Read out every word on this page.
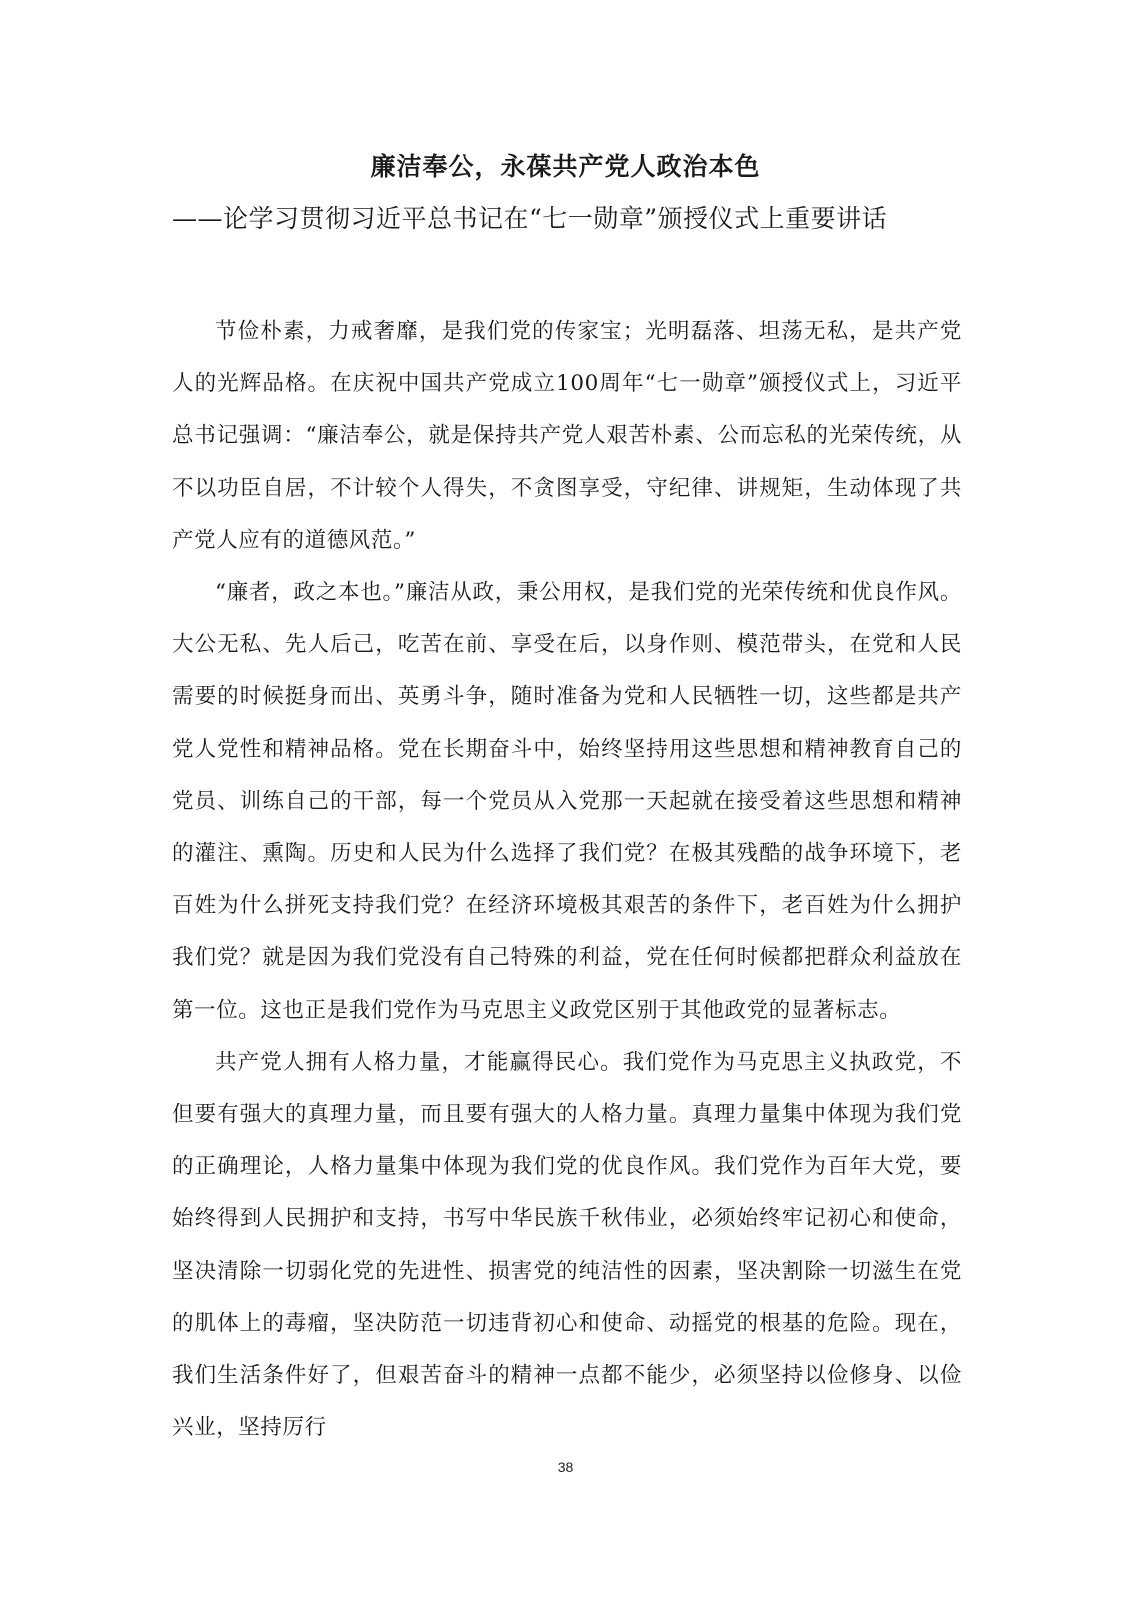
廉洁奉公，永葆共产党人政治本色
——论学习贯彻习近平总书记在“七一勋章”颁授仪式上重要讲话

节俭朴素，力戒奢靡，是我们党的传家宝；光明磊落、坦荡无私，是共产党人的光辉品格。在庆祝中国共产党成立100周年“七一勋章”颁授仪式上，习近平总书记强调：“廉洁奉公，就是保持共产党人艰苦朴素、公而忘私的光荣传统，从不以功臣自居，不计较个人得失，不贪图享受，守纪律、讲规矩，生动体现了共产党人应有的道德风范。”

“廉者，政之本也。”廉洁从政，秉公用权，是我们党的光荣传统和优良作风。大公无私、先人后己，吃苦在前、享受在后，以身作则、模范带头，在党和人民需要的时候挺身而出、英勇斗争，随时准备为党和人民牺牲一切，这些都是共产党人党性和精神品格。党在长期奋斗中，始终坚持用这些思想和精神教育自己的党员、训练自己的干部，每一个党员从入党那一天起就在接受着这些思想和精神的灌注、熏陶。历史和人民为什么选择了我们党？在极其残酷的战争环境下，老百姓为什么拼死支持我们党？在经济环境极其艰苦的条件下，老百姓为什么拥护我们党？就是因为我们党没有自己特殊的利益，党在任何时候都把群众利益放在第一位。这也正是我们党作为马克思主义政党区别于其他政党的显著标志。

共产党人拥有人格力量，才能赢得民心。我们党作为马克思主义执政党，不但要有强大的真理力量，而且要有强大的人格力量。真理力量集中体现为我们党的正确理论，人格力量集中体现为我们党的优良作风。我们党作为百年大党，要始终得到人民拥护和支持，书写中华民族千秋伟业，必须始终牢记初心和使命，坚决清除一切弱化党的先进性、损害党的纯洁性的因素，坚决割除一切滋生在党的肌体上的毒瘤，坚决防范一切违背初心和使命、动摇党的根基的危险。现在，我们生活条件好了，但艰苦奋斗的精神一点都不能少，必须坚持以俭修身、以俭兴业，坚持厉行

38
